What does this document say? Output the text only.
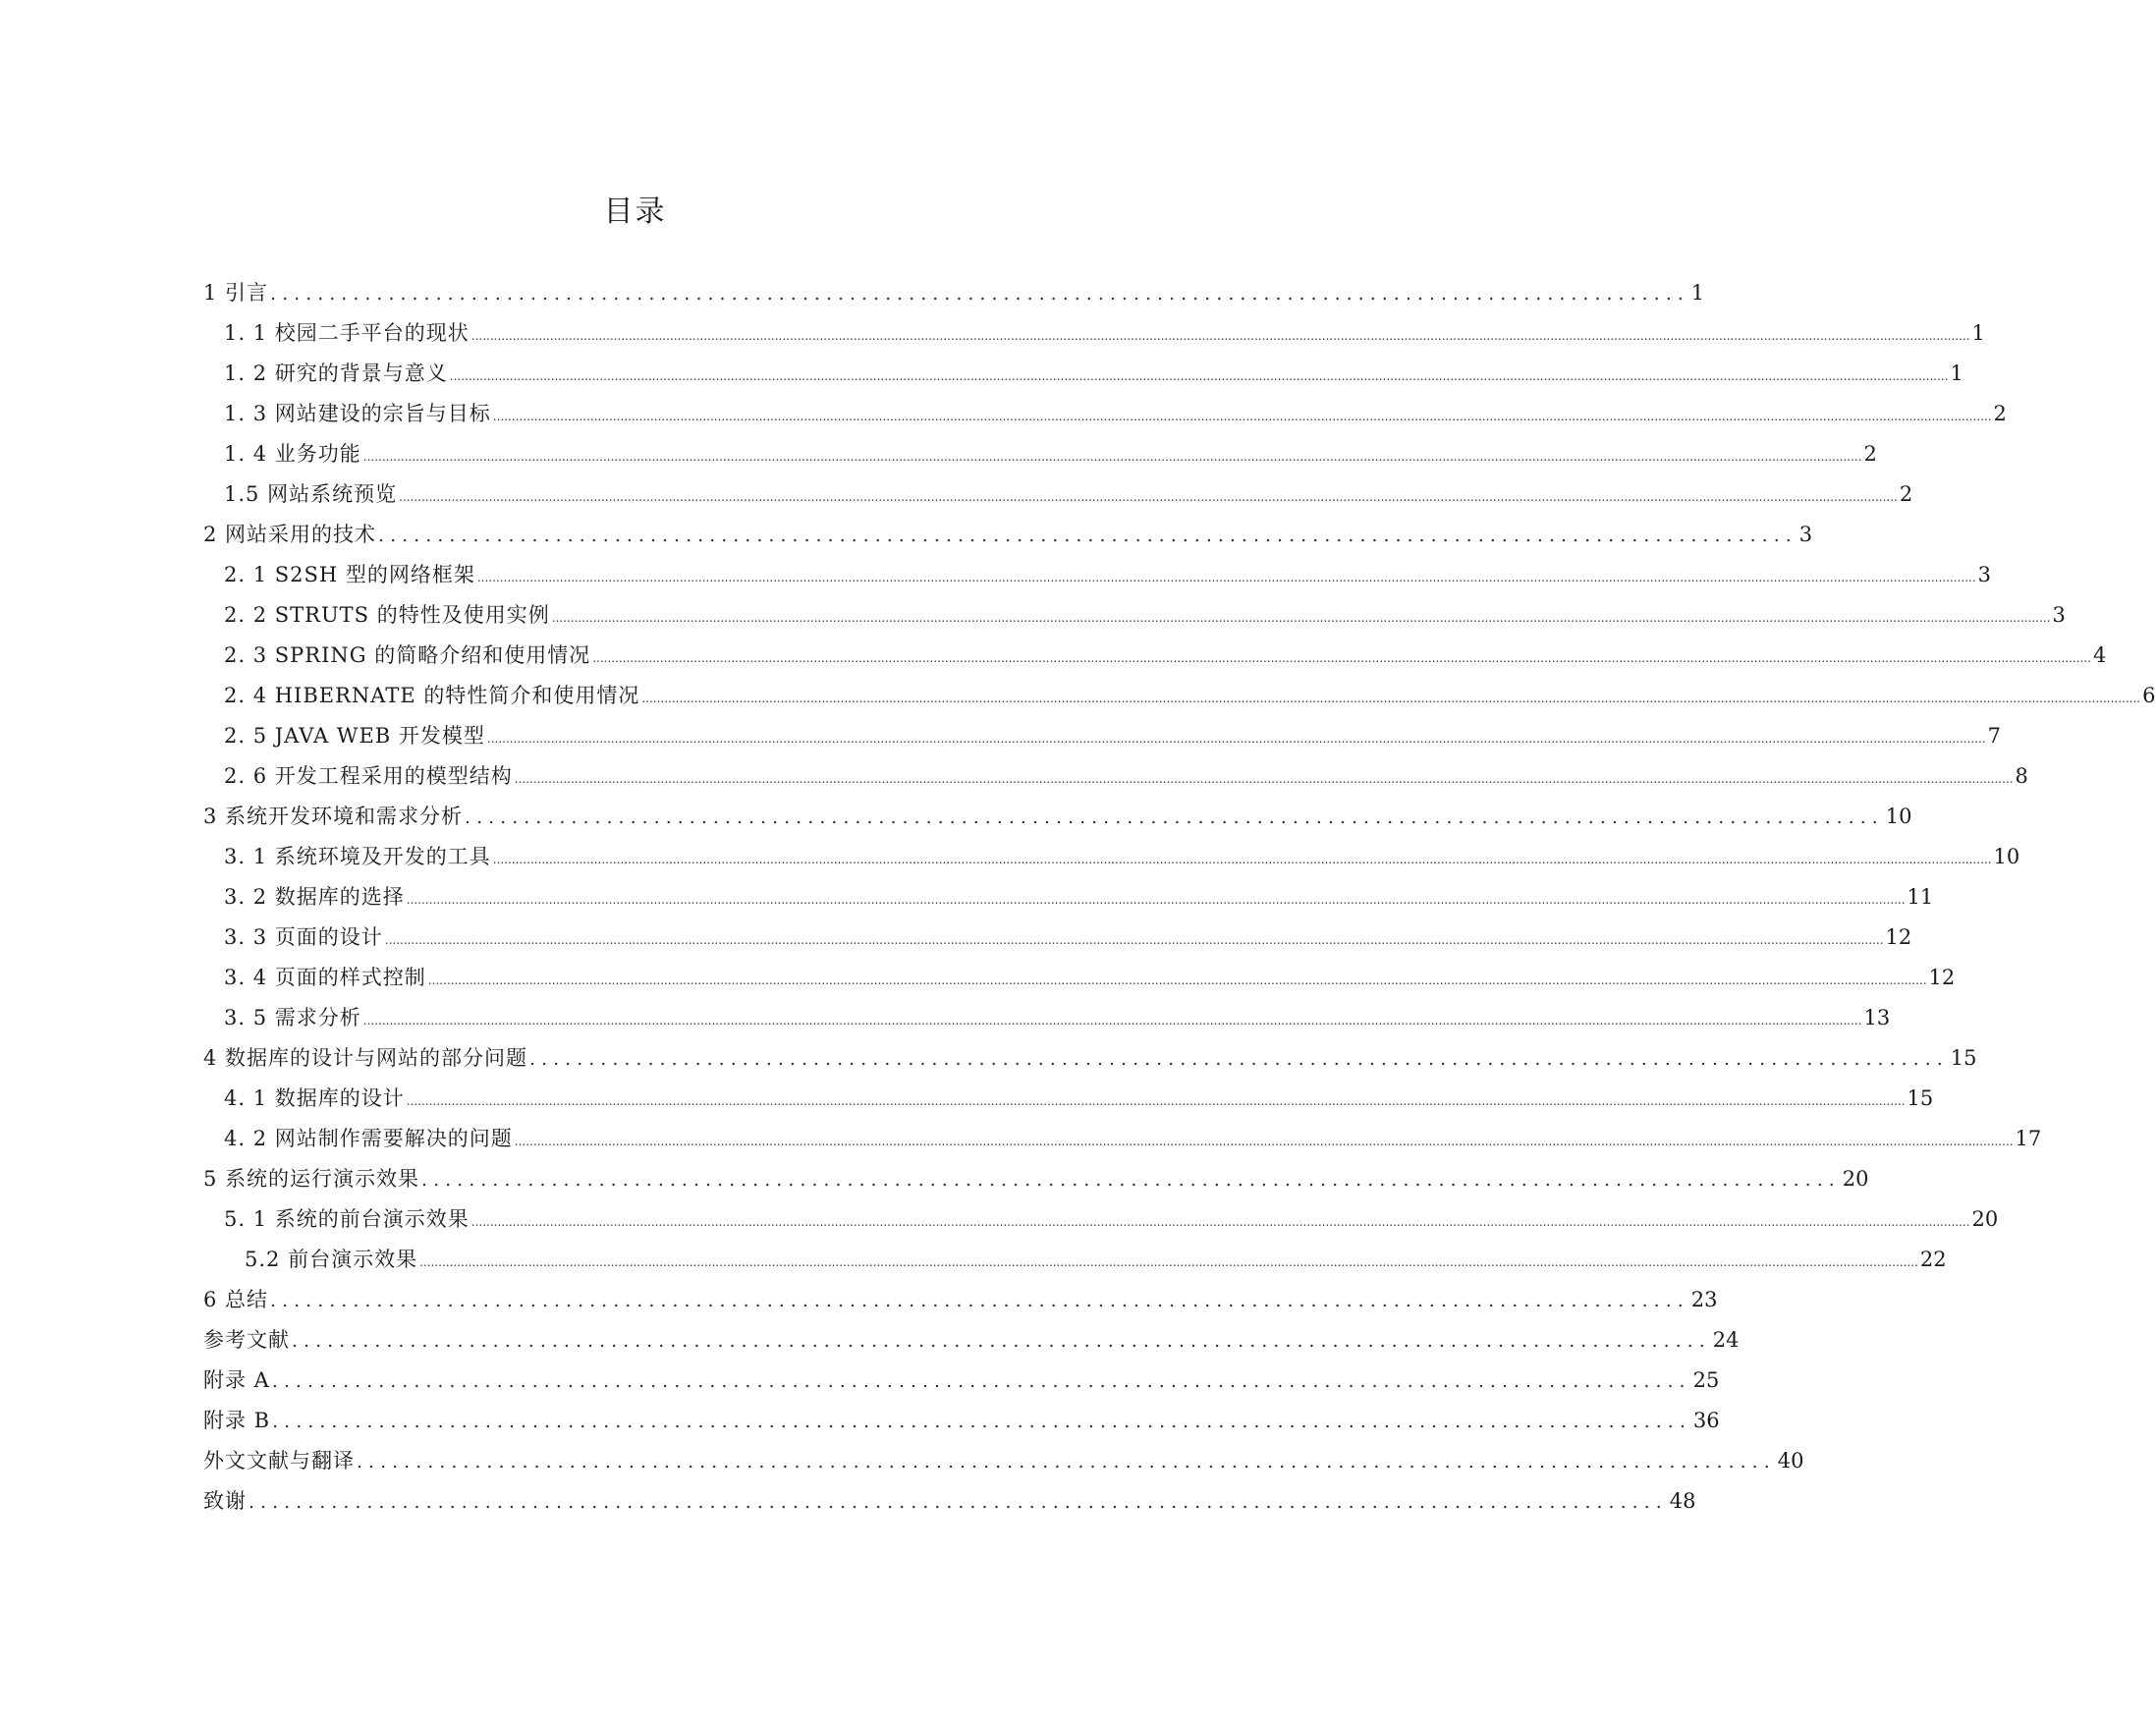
目录
1 引言 ........................................................................................................................ 1
1. 1 校园二手平台的现状 ................................................................................................................................................................................................................................................................................................................................................................................................................ 1
1. 2 研究的背景与意义 ................................................................................................................................................................................................................................................................................................................................................................................................................ 1
1. 3 网站建设的宗旨与目标 ................................................................................................................................................................................................................................................................................................................................................................................................................ 2
1. 4 业务功能 ................................................................................................................................................................................................................................................................................................................................................................................................................ 2
1.5 网站系统预览 ................................................................................................................................................................................................................................................................................................................................................................................................................ 2
2 网站采用的技术 ........................................................................................................................ 3
2. 1 S2SH 型的网络框架 ................................................................................................................................................................................................................................................................................................................................................................................................................ 3
2. 2 STRUTS 的特性及使用实例 ................................................................................................................................................................................................................................................................................................................................................................................................................ 3
2. 3 SPRING 的简略介绍和使用情况 ................................................................................................................................................................................................................................................................................................................................................................................................................ 4
2. 4 HIBERNATE 的特性简介和使用情况 ................................................................................................................................................................................................................................................................................................................................................................................................................ 6
2. 5 JAVA WEB 开发模型 ................................................................................................................................................................................................................................................................................................................................................................................................................ 7
2. 6 开发工程采用的模型结构 ................................................................................................................................................................................................................................................................................................................................................................................................................ 8
3 系统开发环境和需求分析 ........................................................................................................................ 10
3. 1 系统环境及开发的工具 ................................................................................................................................................................................................................................................................................................................................................................................................................ 10
3. 2 数据库的选择 ................................................................................................................................................................................................................................................................................................................................................................................................................ 11
3. 3 页面的设计 ................................................................................................................................................................................................................................................................................................................................................................................................................ 12
3. 4 页面的样式控制 ................................................................................................................................................................................................................................................................................................................................................................................................................ 12
3. 5 需求分析 ................................................................................................................................................................................................................................................................................................................................................................................................................ 13
4 数据库的设计与网站的部分问题 ........................................................................................................................ 15
4. 1 数据库的设计 ................................................................................................................................................................................................................................................................................................................................................................................................................ 15
4. 2 网站制作需要解决的问题 ................................................................................................................................................................................................................................................................................................................................................................................................................ 17
5 系统的运行演示效果 ........................................................................................................................ 20
5. 1 系统的前台演示效果 ................................................................................................................................................................................................................................................................................................................................................................................................................ 20
5.2 前台演示效果 ................................................................................................................................................................................................................................................................................................................................................................................................................ 22
6 总结 ........................................................................................................................ 23
参考文献 ........................................................................................................................ 24
附录 A ........................................................................................................................ 25
附录 B ........................................................................................................................ 36
外文文献与翻译 ........................................................................................................................ 40
致谢 ........................................................................................................................ 48
